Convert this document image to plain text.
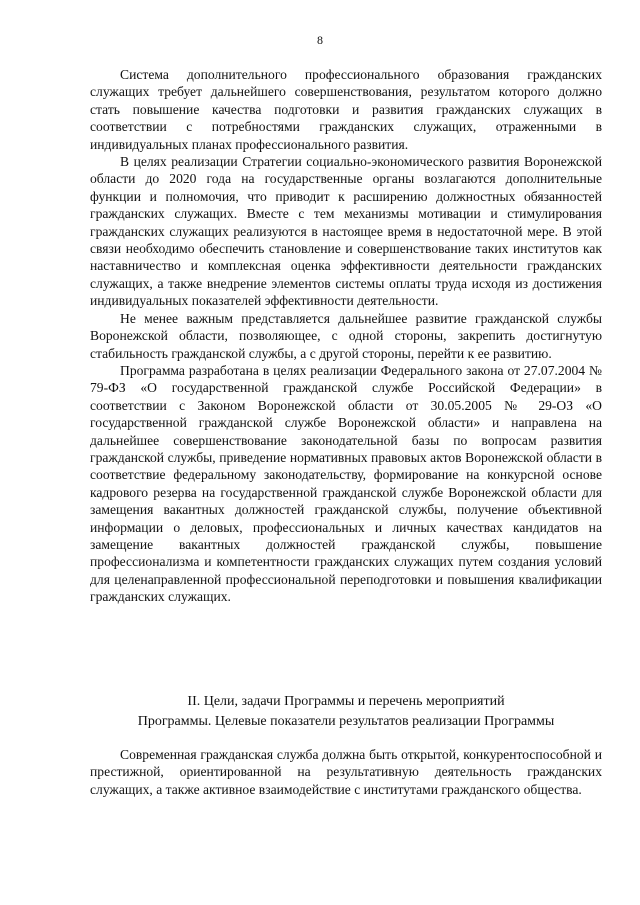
8

Система дополнительного профессионального образования гражданских служащих требует дальнейшего совершенствования, результатом которого должно стать повышение качества подготовки и развития гражданских служащих в соответствии с потребностями гражданских служащих, отраженными в индивидуальных планах профессионального развития.

В целях реализации Стратегии социально-экономического развития Воронежской области до 2020 года на государственные органы возлагаются дополнительные функции и полномочия, что приводит к расширению должностных обязанностей гражданских служащих. Вместе с тем механизмы мотивации и стимулирования гражданских служащих реализуются в настоящее время в недостаточной мере. В этой связи необходимо обеспечить становление и совершенствование таких институтов как наставничество и комплексная оценка эффективности деятельности гражданских служащих, а также внедрение элементов системы оплаты труда исходя из достижения индивидуальных показателей эффективности деятельности.

Не менее важным представляется дальнейшее развитие гражданской службы Воронежской области, позволяющее, с одной стороны, закрепить достигнутую стабильность гражданской службы, а с другой стороны, перейти к ее развитию.

Программа разработана в целях реализации Федерального закона от 27.07.2004 № 79-ФЗ «О государственной гражданской службе Российской Федерации» в соответствии с Законом Воронежской области от 30.05.2005 № 29-ОЗ «О государственной гражданской службе Воронежской области» и направлена на дальнейшее совершенствование законодательной базы по вопросам развития гражданской службы, приведение нормативных правовых актов Воронежской области в соответствие федеральному законодательству, формирование на конкурсной основе кадрового резерва на государственной гражданской службе Воронежской области для замещения вакантных должностей гражданской службы, получение объективной информации о деловых, профессиональных и личных качествах кандидатов на замещение вакантных должностей гражданской службы, повышение профессионализма и компетентности гражданских служащих путем создания условий для целенаправленной профессиональной переподготовки и повышения квалификации гражданских служащих.

II. Цели, задачи Программы и перечень мероприятий
Программы. Целевые показатели результатов реализации Программы

Современная гражданская служба должна быть открытой, конкурентоспособной и престижной, ориентированной на результативную деятельность гражданских служащих, а также активное взаимодействие с институтами гражданского общества.
